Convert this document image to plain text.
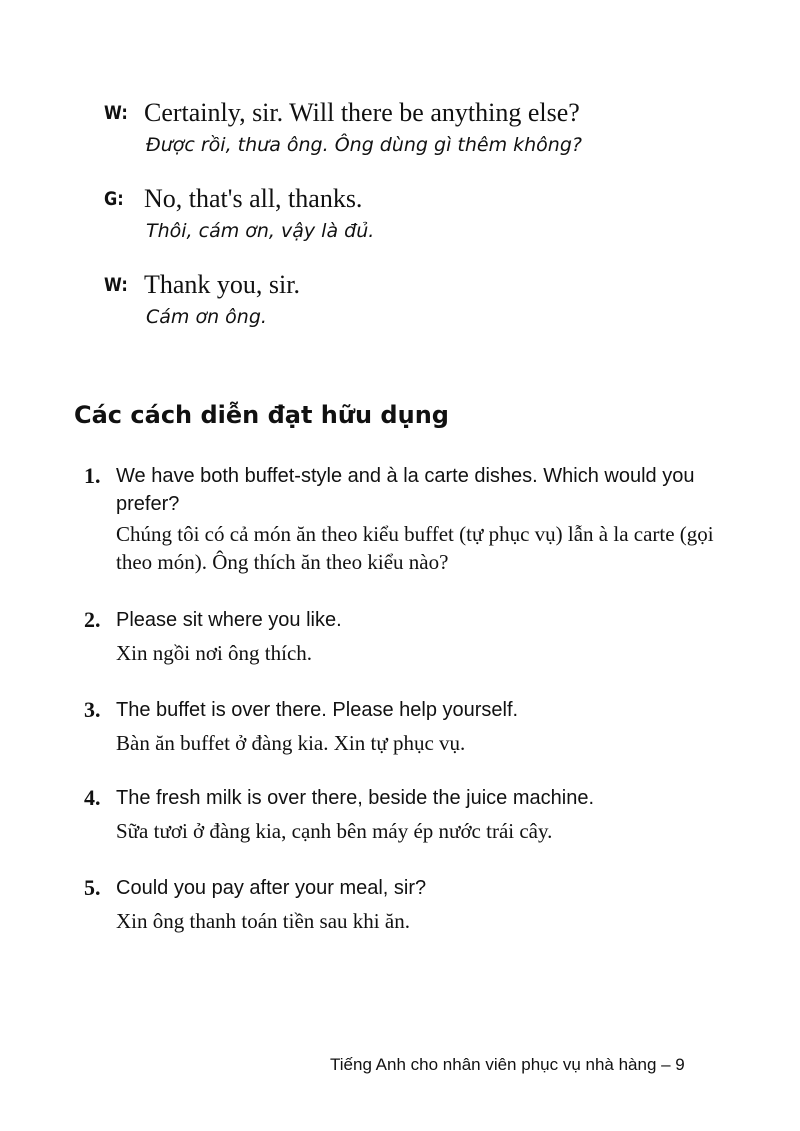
W: Certainly, sir. Will there be anything else?
Được rồi, thưa ông. Ông dùng gì thêm không?
G: No, that's all, thanks.
Thôi, cám ơn, vậy là đủ.
W: Thank you, sir.
Cám ơn ông.
Các cách diễn đạt hữu dụng
1. We have both buffet-style and à la carte dishes. Which would you prefer?
Chúng tôi có cả món ăn theo kiểu buffet (tự phục vụ) lẫn à la carte (gọi theo món). Ông thích ăn theo kiểu nào?
2. Please sit where you like.
Xin ngồi nơi ông thích.
3. The buffet is over there. Please help yourself.
Bàn ăn buffet ở đàng kia. Xin tự phục vụ.
4. The fresh milk is over there, beside the juice machine.
Sữa tươi ở đàng kia, cạnh bên máy ép nước trái cây.
5. Could you pay after your meal, sir?
Xin ông thanh toán tiền sau khi ăn.
Tiếng Anh cho nhân viên phục vụ nhà hàng – 9
